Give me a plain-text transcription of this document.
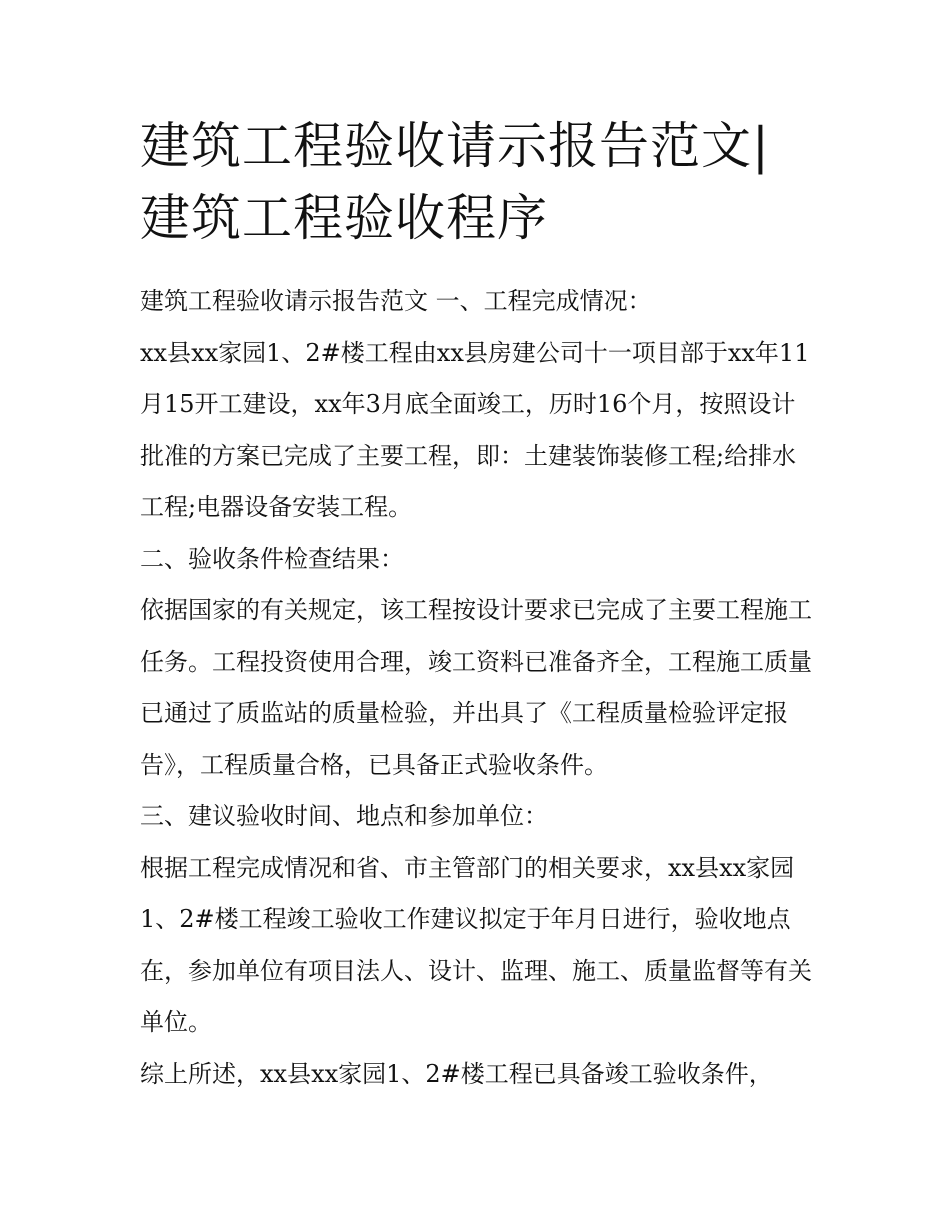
建筑工程验收请示报告范文|建筑工程验收程序

建筑工程验收请示报告范文 一、工程完成情况：

xx县xx家园1、2#楼工程由xx县房建公司十一项目部于xx年11月15开工建设，xx年3月底全面竣工，历时16个月，按照设计批准的方案已完成了主要工程，即：土建装饰装修工程;给排水工程;电器设备安装工程。

二、验收条件检查结果：

依据国家的有关规定，该工程按设计要求已完成了主要工程施工任务。工程投资使用合理，竣工资料已准备齐全，工程施工质量已通过了质监站的质量检验，并出具了《工程质量检验评定报告》，工程质量合格，已具备正式验收条件。

三、建议验收时间、地点和参加单位：

根据工程完成情况和省、市主管部门的相关要求，xx县xx家园1、2#楼工程竣工验收工作建议拟定于年月日进行，验收地点在，参加单位有项目法人、设计、监理、施工、质量监督等有关单位。

综上所述，xx县xx家园1、2#楼工程已具备竣工验收条件，
